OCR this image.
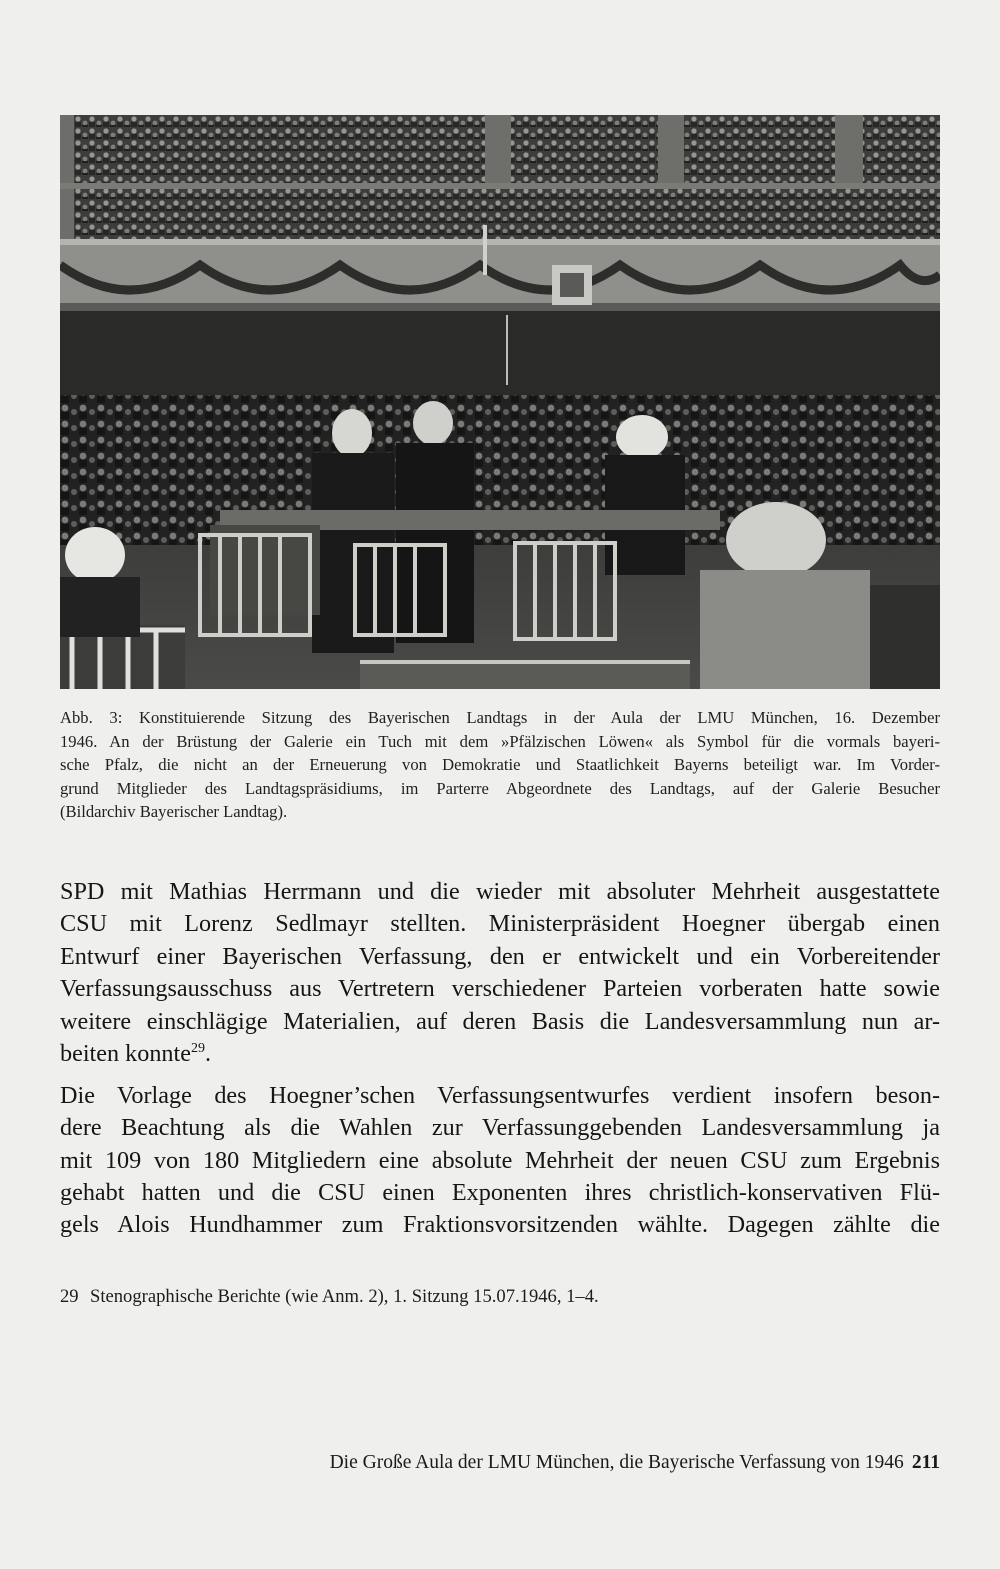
Abb. 3: Konstituierende Sitzung des Bayerischen Landtags in der Aula der LMU München, 16. Dezember
1946. An der Brüstung der Galerie ein Tuch mit dem »Pfälzischen Löwen« als Symbol für die vormals bayeri-
sche Pfalz, die nicht an der Erneuerung von Demokratie und Staatlichkeit Bayerns beteiligt war. Im Vorder-
grund Mitglieder des Landtagspräsidiums, im Parterre Abgeordnete des Landtags, auf der Galerie Besucher
(Bildarchiv Bayerischer Landtag).
SPD mit Mathias Herrmann und die wieder mit absoluter Mehrheit ausgestattete
CSU mit Lorenz Sedlmayr stellten. Ministerpräsident Hoegner übergab einen
Entwurf einer Bayerischen Verfassung, den er entwickelt und ein Vorbereitender
Verfassungsausschuss aus Vertretern verschiedener Parteien vorberaten hatte sowie
weitere einschlägige Materialien, auf deren Basis die Landesversammlung nun ar-
beiten konnte$^{29}$.
Die Vorlage des Hoegner’schen Verfassungsentwurfes verdient insofern beson-
dere Beachtung als die Wahlen zur Verfassunggebenden Landesversammlung ja
mit 109 von 180 Mitgliedern eine absolute Mehrheit der neuen CSU zum Ergebnis
gehabt hatten und die CSU einen Exponenten ihres christlich-konservativen Flü-
gels Alois Hundhammer zum Fraktionsvorsitzenden wählte. Dagegen zählte die
29 Stenographische Berichte (wie Anm. 2), 1. Sitzung 15.07.1946, 1–4.
Die Große Aula der LMU München, die Bayerische Verfassung von 1946 211
